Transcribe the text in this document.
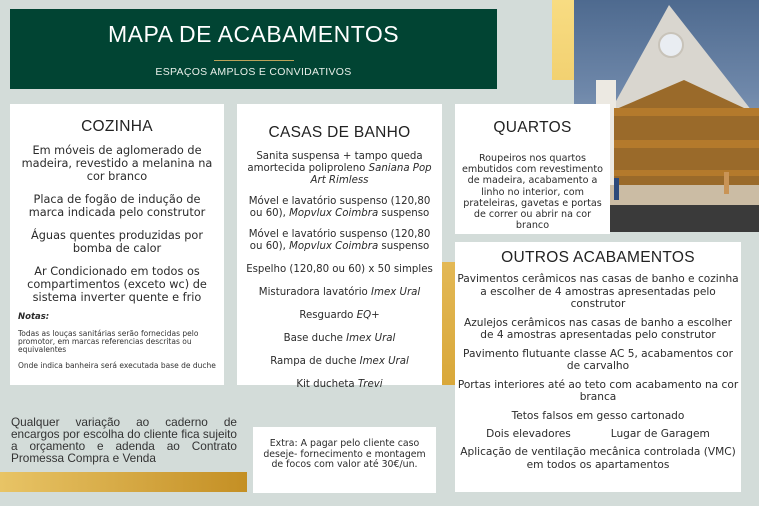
MAPA DE ACABAMENTOS
ESPAÇOS AMPLOS E CONVIDATIVOS
COZINHA

Em móveis de aglomerado de madeira, revestido a melanina na cor branco

Placa de fogão de indução de marca indicada pelo construtor

Águas quentes produzidas por bomba de calor

Ar Condicionado em todos os compartimentos (exceto wc) de sistema inverter quente e frio

Notas:
Todas as louças sanitárias serão fornecidas pelo promotor, em marcas referencias descritas ou equivalentes
Onde indica banheira será executada base de duche
CASAS DE BANHO

Sanita suspensa + tampo queda amortecida poliproleno Saniana Pop Art Rimless

Móvel e lavatório suspenso (120,80 ou 60), Mopvlux Coimbra suspenso

Móvel e lavatório suspenso (120,80 ou 60), Mopvlux Coimbra suspenso

Espelho (120,80 ou 60) x 50 simples

Misturadora lavatório Imex Ural

Resguardo EQ+

Base duche Imex Ural

Rampa de duche Imex Ural

Kit ducheta Trevi

QUARTOS

Roupeiros nos quartos embutidos com revestimento de madeira, acabamento a linho no interior, com prateleiras, gavetas e portas de correr ou abrir na cor branco

OUTROS ACABAMENTOS

Pavimentos cerâmicos nas casas de banho e cozinha a escolher de 4 amostras apresentadas pelo construtor

Azulejos cerâmicos nas casas de banho a escolher de 4 amostras apresentadas pelo construtor

Pavimento flutuante classe AC 5, acabamentos cor de carvalho

Portas interiores até ao teto com acabamento na cor branca

Tetos falsos em gesso cartonado

Dois elevadores	Lugar de Garagem

Aplicação de ventilação mecânica controlada (VMC) em todos os apartamentos

Qualquer variação ao caderno de encargos por escolha do cliente fica sujeito a orçamento e adenda ao Contrato Promessa Compra e Venda

Extra: A pagar pelo cliente caso deseje- fornecimento e montagem de focos com valor até 30€/un.
